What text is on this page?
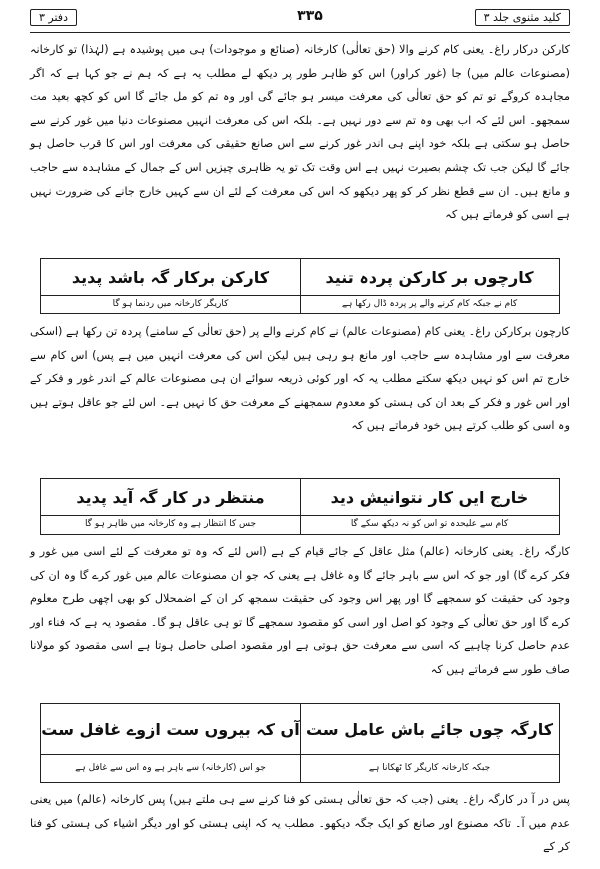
دفتر ۳	۳۳۵	کلید مثنوی جلد ۳
کارکن درکار راغ۔ یعنی کام کرنے والا (حق تعالٰی) کارخانہ (صنائع و موجودات) ہی میں پوشیدہ ہے (لہٰذا) تو کارخانہ (مصنوعات عالم میں) جا (غور کراور) اس کو ظاہر طور پر دیکھ لے مطلب یہ ہے کہ ہم نے جو کہا ہے کہ اگر مجاہدہ کروگے تو تم کو حق تعالٰی کی معرفت میسر ہو جائے گی اور وہ تم کو مل جائے گا اس کو کچھ بعید مت سمجھو۔ اس لئے کہ اب بھی وہ تم سے دور نہیں ہے۔ بلکہ اس کی معرفت انہیں مصنوعات دنیا میں غور کرنے سے حاصل ہو سکتی ہے بلکہ خود اپنے ہی اندر غور کرنے سے اس صانع حقیقی کی معرفت اور اس کا قرب حاصل ہو جائے گا لیکن جب تک چشم بصیرت نہیں ہے اس وقت تک تو یہ ظاہری چیزیں اس کے جمال کے مشاہدہ سے حاجب و مانع ہیں۔ ان سے قطع نظر کر کو پھر دیکھو کہ اس کی معرفت کے لئے ان سے کہیں خارج جانے کی ضرورت نہیں ہے اسی کو فرماتے ہیں کہ
کارچوں بر کارکن پردہ تنید
کارکن برکار گہ باشد پدید
کام نے جبکہ کام کرنے والے پر پردہ ڈال رکھا ہے
کاریگر کارخانہ میں ردنما ہو گا
کارچون برکارکن راغ۔ یعنی کام (مصنوعات عالم) نے کام کرنے والے پر (حق تعالٰی کے سامنے) پردہ تن رکھا ہے (اسکی معرفت سے اور مشاہدہ سے حاجب اور مانع ہو رہی ہیں لیکن اس کی معرفت انہیں میں ہے پس) اس کام سے خارج تم اس کو نہیں دیکھ سکتے مطلب یہ کہ اور کوئی ذریعہ سوائے ان ہی مصنوعات عالم کے اندر غور و فکر کے اور اس غور و فکر کے بعد ان کی ہستی کو معدوم سمجھنے کے معرفت حق کا نہیں ہے۔ اس لئے جو عاقل ہوتے ہیں وہ اسی کو طلب کرتے ہیں خود فرماتے ہیں کہ
خارج ایں کار نتوانیش دید
منتظر در کار گہ آید پدید
کام سے علیحدہ تو اس کو نہ دیکھ سکے گا
جس کا انتظار ہے وہ کارخانہ میں ظاہر ہو گا
کارگہ راغ۔ یعنی کارخانہ (عالم) مثل عاقل کے جائے قیام کے ہے (اس لئے کہ وہ تو معرفت کے لئے اسی میں غور و فکر کرے گا) اور جو کہ اس سے باہر جائے گا وہ غافل ہے یعنی کہ جو ان مصنوعات عالم میں غور کرے گا وہ ان کی وجود کی حقیقت کو سمجھے گا اور پھر اس وجود کی حقیقت سمجھ کر ان کے اضمحلال کو بھی اچھی طرح معلوم کرے گا اور حق تعالٰی کے وجود کو اصل اور اسی کو مقصود سمجھے گا تو ہی عاقل ہو گا۔ مقصود یہ ہے کہ فناء اور عدم حاصل کرنا چاہیے کہ اسی سے معرفت حق ہوتی ہے اور مقصود اصلی حاصل ہوتا ہے اسی مقصود کو مولانا صاف طور سے فرماتے ہیں کہ
کارگہ چوں جائے باش عامل ست
آں کہ بیروں ست ازوے غافل ست
جبکہ کارخانہ کاریگر کا ٹھکانا ہے
جو اس (کارخانہ) سے باہر ہے وہ اس سے غافل ہے
پس در آ در کارگہ راغ۔ یعنی (جب کہ حق تعالٰی ہستی کو فنا کرنے سے ہی ملتے ہیں) پس کارخانہ (عالم) میں یعنی عدم میں آ۔ تاکہ مصنوع اور صانع کو ایک جگہ دیکھو۔ مطلب یہ کہ اپنی ہستی کو اور دیگر اشیاء کی ہستی کو فنا کر کے
